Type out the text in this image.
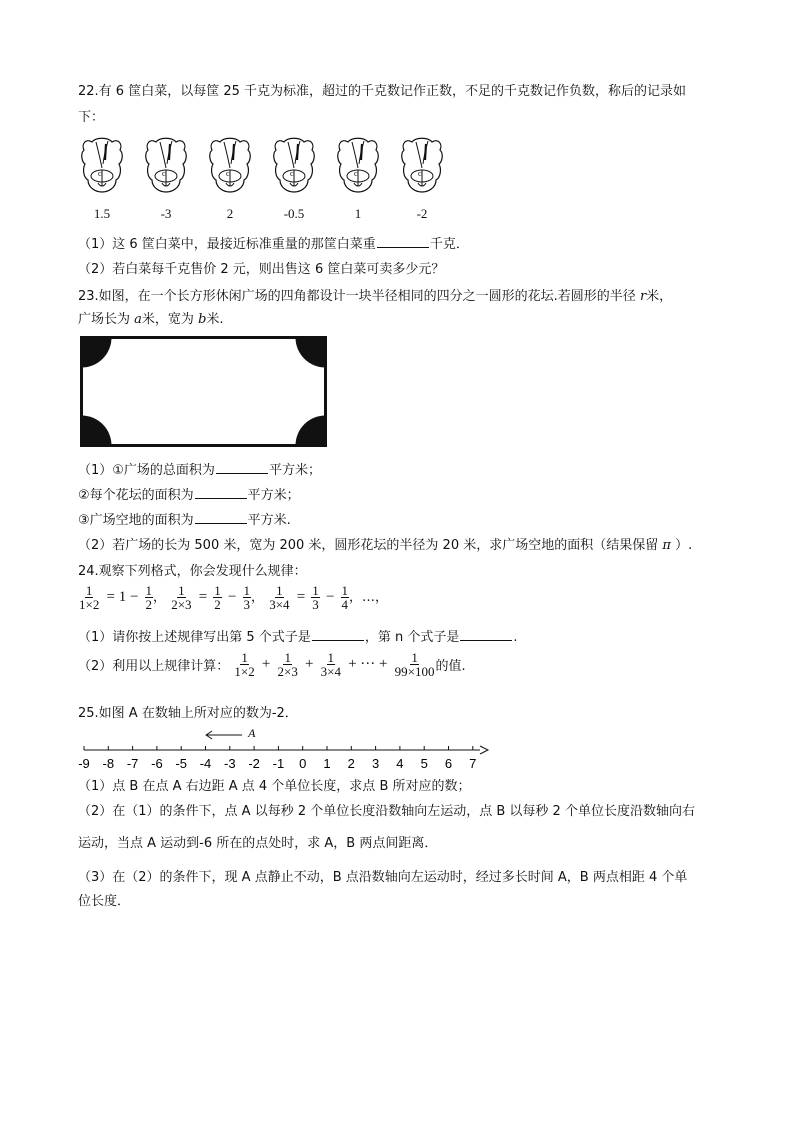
22.有 6 筐白菜，以每筐 25 千克为标准，超过的千克数记作正数，不足的千克数记作负数，称后的记录如
下：
c
1.5
c
-3
c
2
c
-0.5
c
1
c
-2
（1）这 6 筐白菜中，最接近标准重量的那筐白菜重	千克．
（2）若白菜每千克售价 2 元，则出售这 6 筐白菜可卖多少元？
23.如图，在一个长方形休闲广场的四角都设计一块半径相同的四分之一圆形的花坛.若圆形的半径 r米，
广场长为 a米，宽为 b米.
（1）①广场的总面积为	平方米；
②每个花坛的面积为	平方米；
③广场空地的面积为	平方米.
（2）若广场的长为 500 米，宽为 200 米，圆形花坛的半径为 20 米，求广场空地的面积（结果保留 π ）.
24.观察下列格式，你会发现什么规律：
$\frac{1}{1\times 2} = 1 - \frac{1}{2}$ ， $\frac{1}{2\times 3} = \frac{1}{2} - \frac{1}{3}$ ， $\frac{1}{3\times 4} = \frac{1}{3} - \frac{1}{4}$ ，…，
（1）请你按上述规律写出第 5 个式子是	，第 n 个式子是	.
（2）利用以上规律计算： $\frac{1}{1\times 2} + \frac{1}{2\times 3} + \frac{1}{3\times 4}$ + ··· + $\frac{1}{99\times 100}$ 的值.
25.如图 A 在数轴上所对应的数为-2．
-9 -8 -7 -6 -5 -4 -3 -2 -1 0 1 2 3 4 5 6 7
A
（1）点 B 在点 A 右边距 A 点 4 个单位长度，求点 B 所对应的数；
（2）在（1）的条件下，点 A 以每秒 2 个单位长度沿数轴向左运动，点 B 以每秒 2 个单位长度沿数轴向右
运动，当点 A 运动到-6 所在的点处时，求 A，B 两点间距离．
（3）在（2）的条件下，现 A 点静止不动，B 点沿数轴向左运动时，经过多长时间 A，B 两点相距 4 个单
位长度．
